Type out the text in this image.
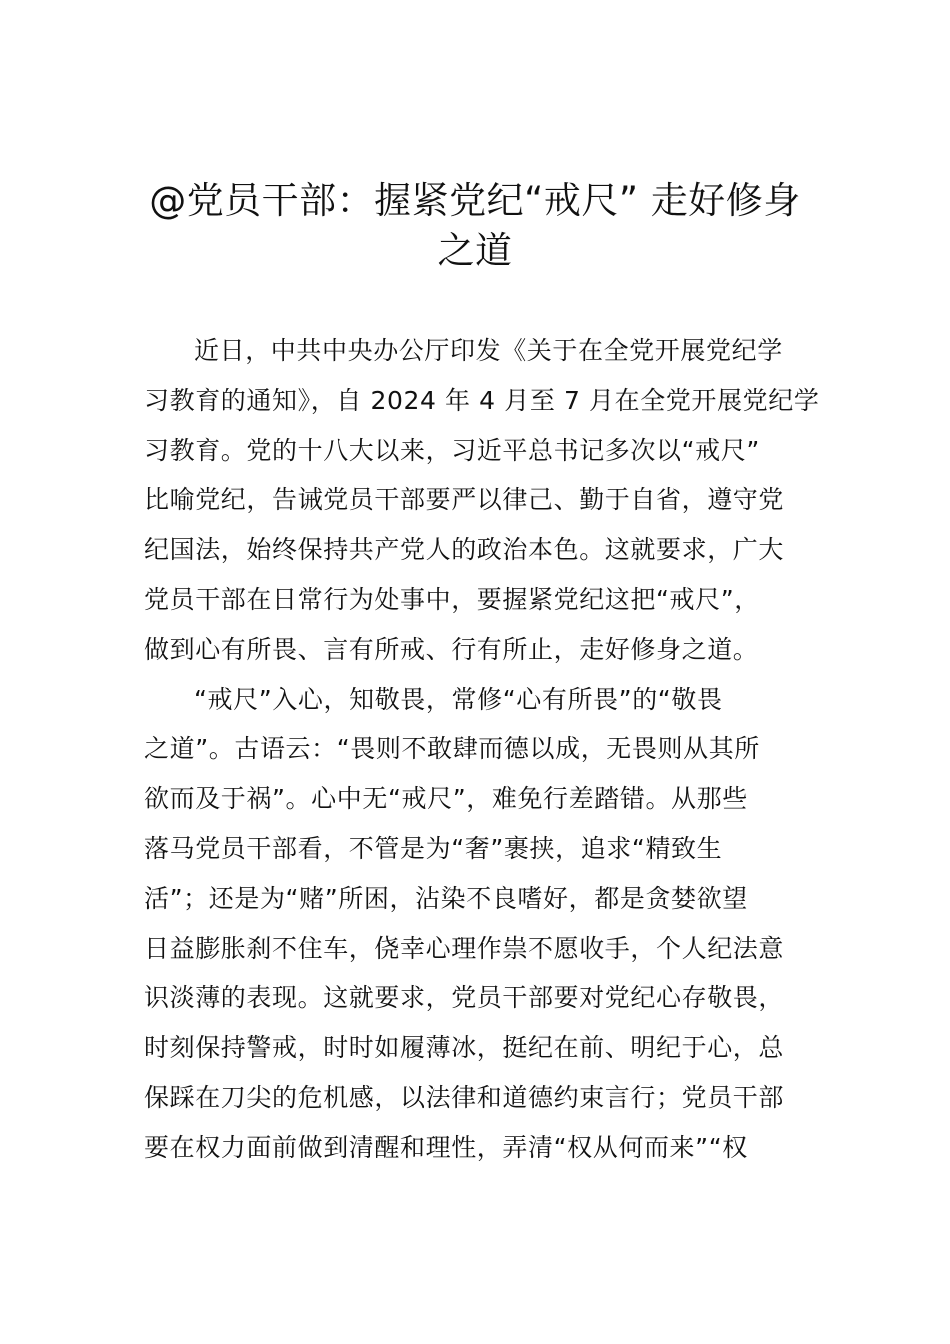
@党员干部：握紧党纪“戒尺” 走好修身
之道
近日，中共中央办公厅印发《关于在全党开展党纪学
习教育的通知》，自 2024 年 4 月至 7 月在全党开展党纪学
习教育。党的十八大以来，习近平总书记多次以“戒尺”
比喻党纪，告诫党员干部要严以律己、勤于自省，遵守党
纪国法，始终保持共产党人的政治本色。这就要求，广大
党员干部在日常行为处事中，要握紧党纪这把“戒尺”，
做到心有所畏、言有所戒、行有所止，走好修身之道。
“戒尺”入心，知敬畏，常修“心有所畏”的“敬畏
之道”。古语云：“畏则不敢肆而德以成，无畏则从其所
欲而及于祸”。心中无“戒尺”，难免行差踏错。从那些
落马党员干部看，不管是为“奢”裹挟，追求“精致生
活”；还是为“赌”所困，沾染不良嗜好，都是贪婪欲望
日益膨胀刹不住车，侥幸心理作祟不愿收手，个人纪法意
识淡薄的表现。这就要求，党员干部要对党纪心存敬畏，
时刻保持警戒，时时如履薄冰，挺纪在前、明纪于心，总
保踩在刀尖的危机感，以法律和道德约束言行；党员干部
要在权力面前做到清醒和理性，弄清“权从何而来”“权
